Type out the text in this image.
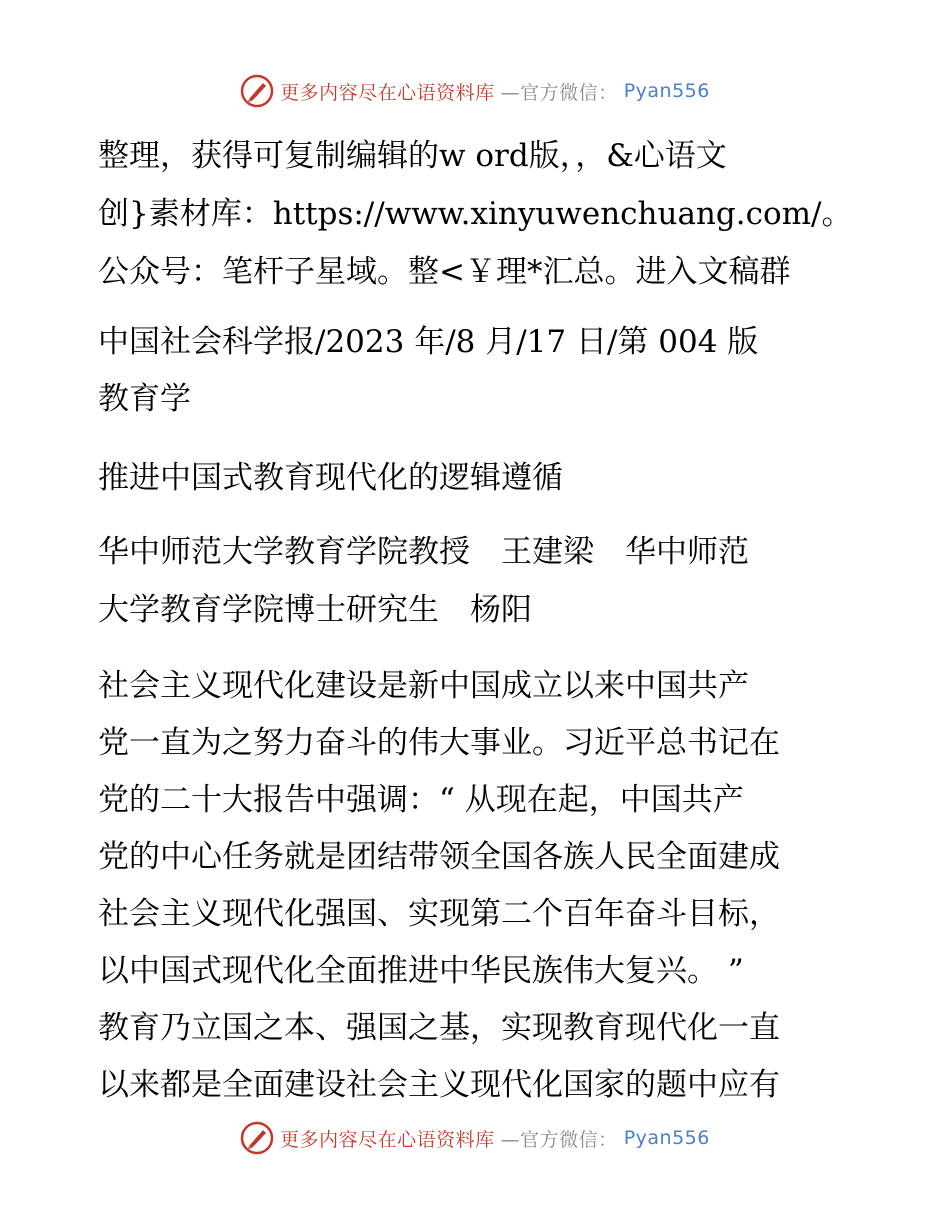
更多内容尽在心语资料库 —官方微信： Pyan556
整理，获得可复制编辑的w ord版，，&心语文
创}素材库：https://www.xinyuwenchuang.com/。
公众号：笔杆子星域。整<￥理*汇总。进入文稿群
中国社会科学报/2023 年/8 月/17 日/第 004 版
教育学
推进中国式教育现代化的逻辑遵循
华中师范大学教育学院教授　王建梁　华中师范
大学教育学院博士研究生　杨阳
社会主义现代化建设是新中国成立以来中国共产
党一直为之努力奋斗的伟大事业。习近平总书记在
党的二十大报告中强调：“ 从现在起，中国共产
党的中心任务就是团结带领全国各族人民全面建成
社会主义现代化强国、实现第二个百年奋斗目标，
以中国式现代化全面推进中华民族伟大复兴。 ”
教育乃立国之本、强国之基，实现教育现代化一直
以来都是全面建设社会主义现代化国家的题中应有
更多内容尽在心语资料库 —官方微信： Pyan556
